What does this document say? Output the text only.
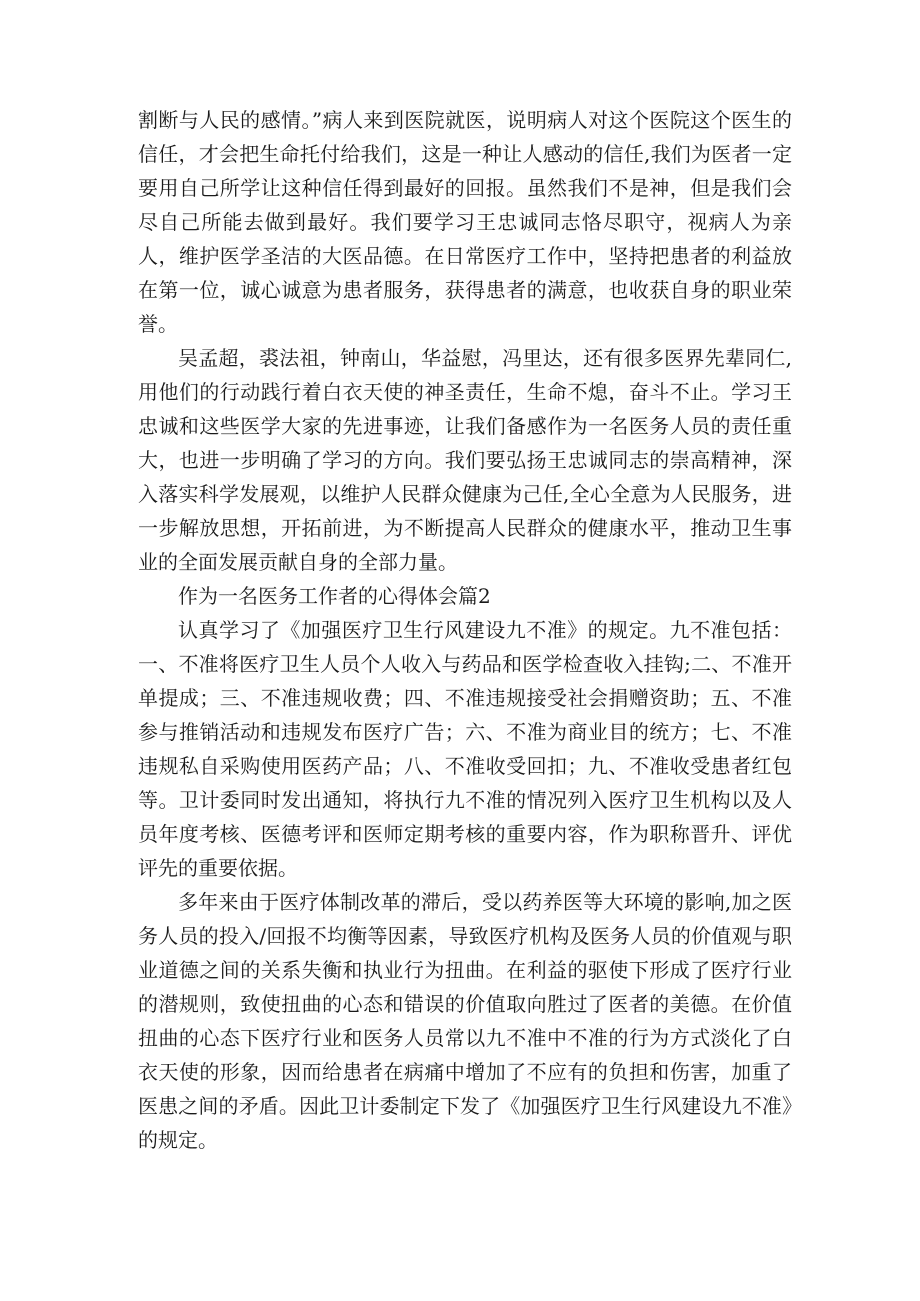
割断与人民的感情。”病人来到医院就医，说明病人对这个医院这个医生的信任，才会把生命托付给我们，这是一种让人感动的信任,我们为医者一定要用自己所学让这种信任得到最好的回报。虽然我们不是神，但是我们会尽自己所能去做到最好。我们要学习王忠诚同志恪尽职守，视病人为亲人，维护医学圣洁的大医品德。在日常医疗工作中，坚持把患者的利益放在第一位，诚心诚意为患者服务，获得患者的满意，也收获自身的职业荣誉。

吴孟超，裘法祖，钟南山，华益慰，冯里达，还有很多医界先辈同仁,用他们的行动践行着白衣天使的神圣责任，生命不熄，奋斗不止。学习王忠诚和这些医学大家的先进事迹，让我们备感作为一名医务人员的责任重大，也进一步明确了学习的方向。我们要弘扬王忠诚同志的崇高精神，深入落实科学发展观，以维护人民群众健康为己任,全心全意为人民服务，进一步解放思想，开拓前进，为不断提高人民群众的健康水平，推动卫生事业的全面发展贡献自身的全部力量。

作为一名医务工作者的心得体会篇2

认真学习了《加强医疗卫生行风建设九不准》的规定。九不准包括：一、不准将医疗卫生人员个人收入与药品和医学检查收入挂钩;二、不准开单提成；三、不准违规收费；四、不准违规接受社会捐赠资助；五、不准参与推销活动和违规发布医疗广告；六、不准为商业目的统方；七、不准违规私自采购使用医药产品；八、不准收受回扣；九、不准收受患者红包等。卫计委同时发出通知，将执行九不准的情况列入医疗卫生机构以及人员年度考核、医德考评和医师定期考核的重要内容，作为职称晋升、评优评先的重要依据。

多年来由于医疗体制改革的滞后，受以药养医等大环境的影响,加之医务人员的投入/回报不均衡等因素，导致医疗机构及医务人员的价值观与职业道德之间的关系失衡和执业行为扭曲。在利益的驱使下形成了医疗行业的潜规则，致使扭曲的心态和错误的价值取向胜过了医者的美德。在价值扭曲的心态下医疗行业和医务人员常以九不准中不准的行为方式淡化了白衣天使的形象，因而给患者在病痛中增加了不应有的负担和伤害，加重了医患之间的矛盾。因此卫计委制定下发了《加强医疗卫生行风建设九不准》的规定。
